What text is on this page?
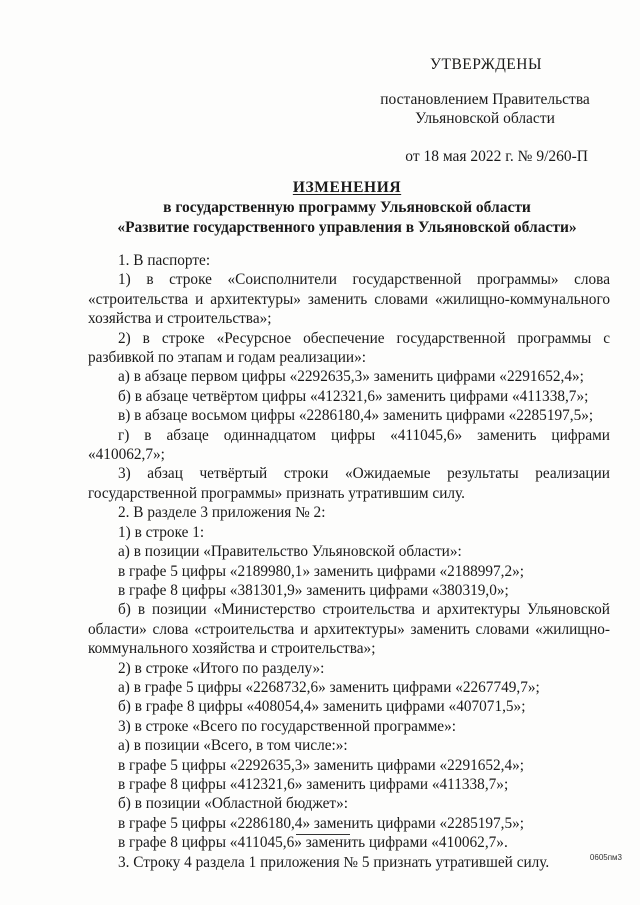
УТВЕРЖДЕНЫ
постановлением Правительства
Ульяновской области
от 18 мая 2022 г. № 9/260-П
ИЗМЕНЕНИЯ
в государственную программу Ульяновской области
«Развитие государственного управления в Ульяновской области»

1. В паспорте:

1) в строке «Соисполнители государственной программы» слова «строительства и архитектуры» заменить словами «жилищно-коммунального хозяйства и строительства»;

2) в строке «Ресурсное обеспечение государственной программы с разбивкой по этапам и годам реализации»:

а) в абзаце первом цифры «2292635,3» заменить цифрами «2291652,4»;

б) в абзаце четвёртом цифры «412321,6» заменить цифрами «411338,7»;

в) в абзаце восьмом цифры «2286180,4» заменить цифрами «2285197,5»;

г) в абзаце одиннадцатом цифры «411045,6» заменить цифрами «410062,7»;

3) абзац четвёртый строки «Ожидаемые результаты реализации государственной программы» признать утратившим силу.

2. В разделе 3 приложения № 2:

1) в строке 1:

а) в позиции «Правительство Ульяновской области»:

в графе 5 цифры «2189980,1» заменить цифрами «2188997,2»;

в графе 8 цифры «381301,9» заменить цифрами «380319,0»;

б) в позиции «Министерство строительства и архитектуры Ульяновской области» слова «строительства и архитектуры» заменить словами «жилищно-коммунального хозяйства и строительства»;

2) в строке «Итого по разделу»:

а) в графе 5 цифры «2268732,6» заменить цифрами «2267749,7»;

б) в графе 8 цифры «408054,4» заменить цифрами «407071,5»;

3) в строке «Всего по государственной программе»:

а) в позиции «Всего, в том числе:»:

в графе 5 цифры «2292635,3» заменить цифрами «2291652,4»;

в графе 8 цифры «412321,6» заменить цифрами «411338,7»;

б) в позиции «Областной бюджет»:

в графе 5 цифры «2286180,4» заменить цифрами «2285197,5»;

в графе 8 цифры «411045,6» заменить цифрами «410062,7».

3. Строку 4 раздела 1 приложения № 5 признать утратившей силу.	0605пм3
